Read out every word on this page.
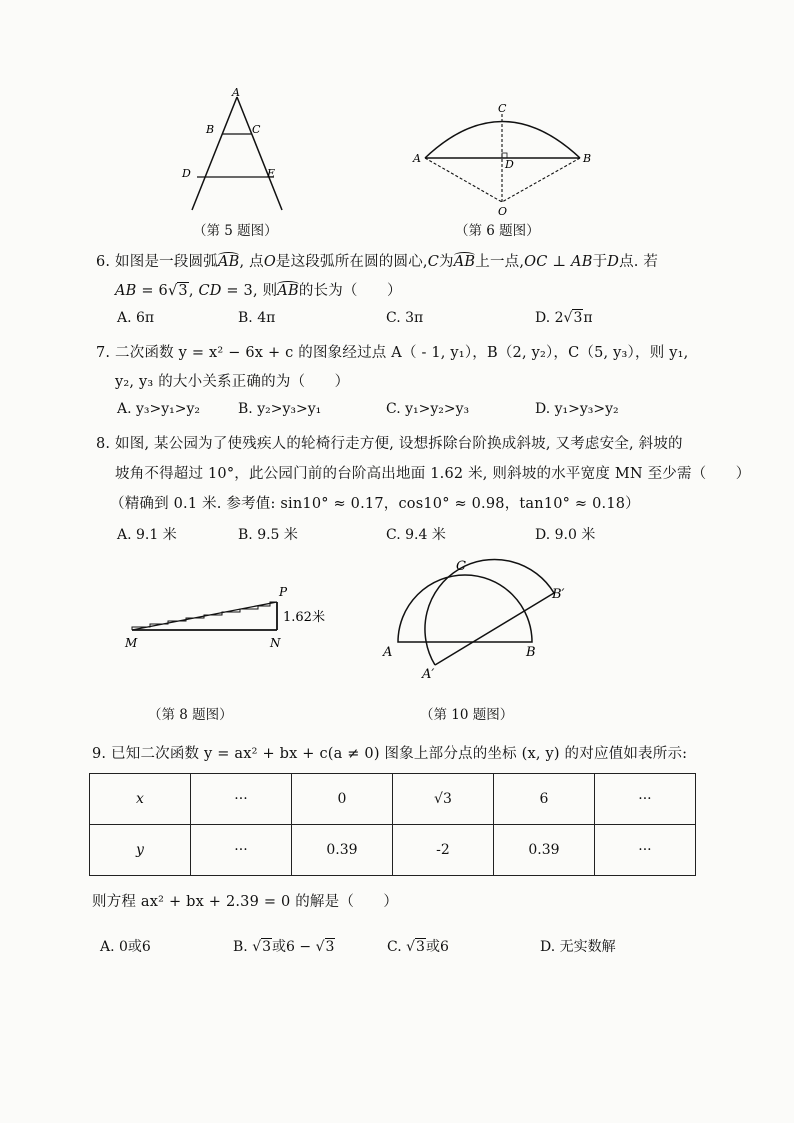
A
B	C
D	E
（第 5 题图）
C
A	B
D
O
（第 6 题图）
6. 如图是一段圆弧AB, 点O是这段弧所在圆的圆心,C为AB上一点,OC ⊥ AB于D点. 若
AB = 6√3, CD = 3, 则AB的长为（　　）
A. 6π	B. 4π	C. 3π	D. 2√3π
7. 二次函数 y = x² − 6x + c 的图象经过点 A（ - 1, y₁），B（2, y₂），C（5, y₃），则 y₁,
y₂, y₃ 的大小关系正确的为（　　）
A. y₃>y₁>y₂	B. y₂>y₃>y₁	C. y₁>y₂>y₃	D. y₁>y₃>y₂
8. 如图, 某公园为了使残疾人的轮椅行走方便, 设想拆除台阶换成斜坡, 又考虑安全, 斜坡的
坡角不得超过 10°，此公园门前的台阶高出地面 1.62 米, 则斜坡的水平宽度 MN 至少需（　　）
（精确到 0.1 米. 参考值: sin10° ≈ 0.17，cos10° ≈ 0.98，tan10° ≈ 0.18）
A. 9.1 米	B. 9.5 米	C. 9.4 米	D. 9.0 米
P
M	N
1.62米
（第 8 题图）
C
B′
A	B
A′
（第 10 题图）
9. 已知二次函数 y = ax² + bx + c(a ≠ 0) 图象上部分点的坐标 (x, y) 的对应值如表所示:
x	···	0	√3	6	···
y	···	0.39	-2	0.39	···
则方程 ax² + bx + 2.39 = 0 的解是（　　）
A. 0或6	B. √3或6 − √3	C. √3或6	D. 无实数解
